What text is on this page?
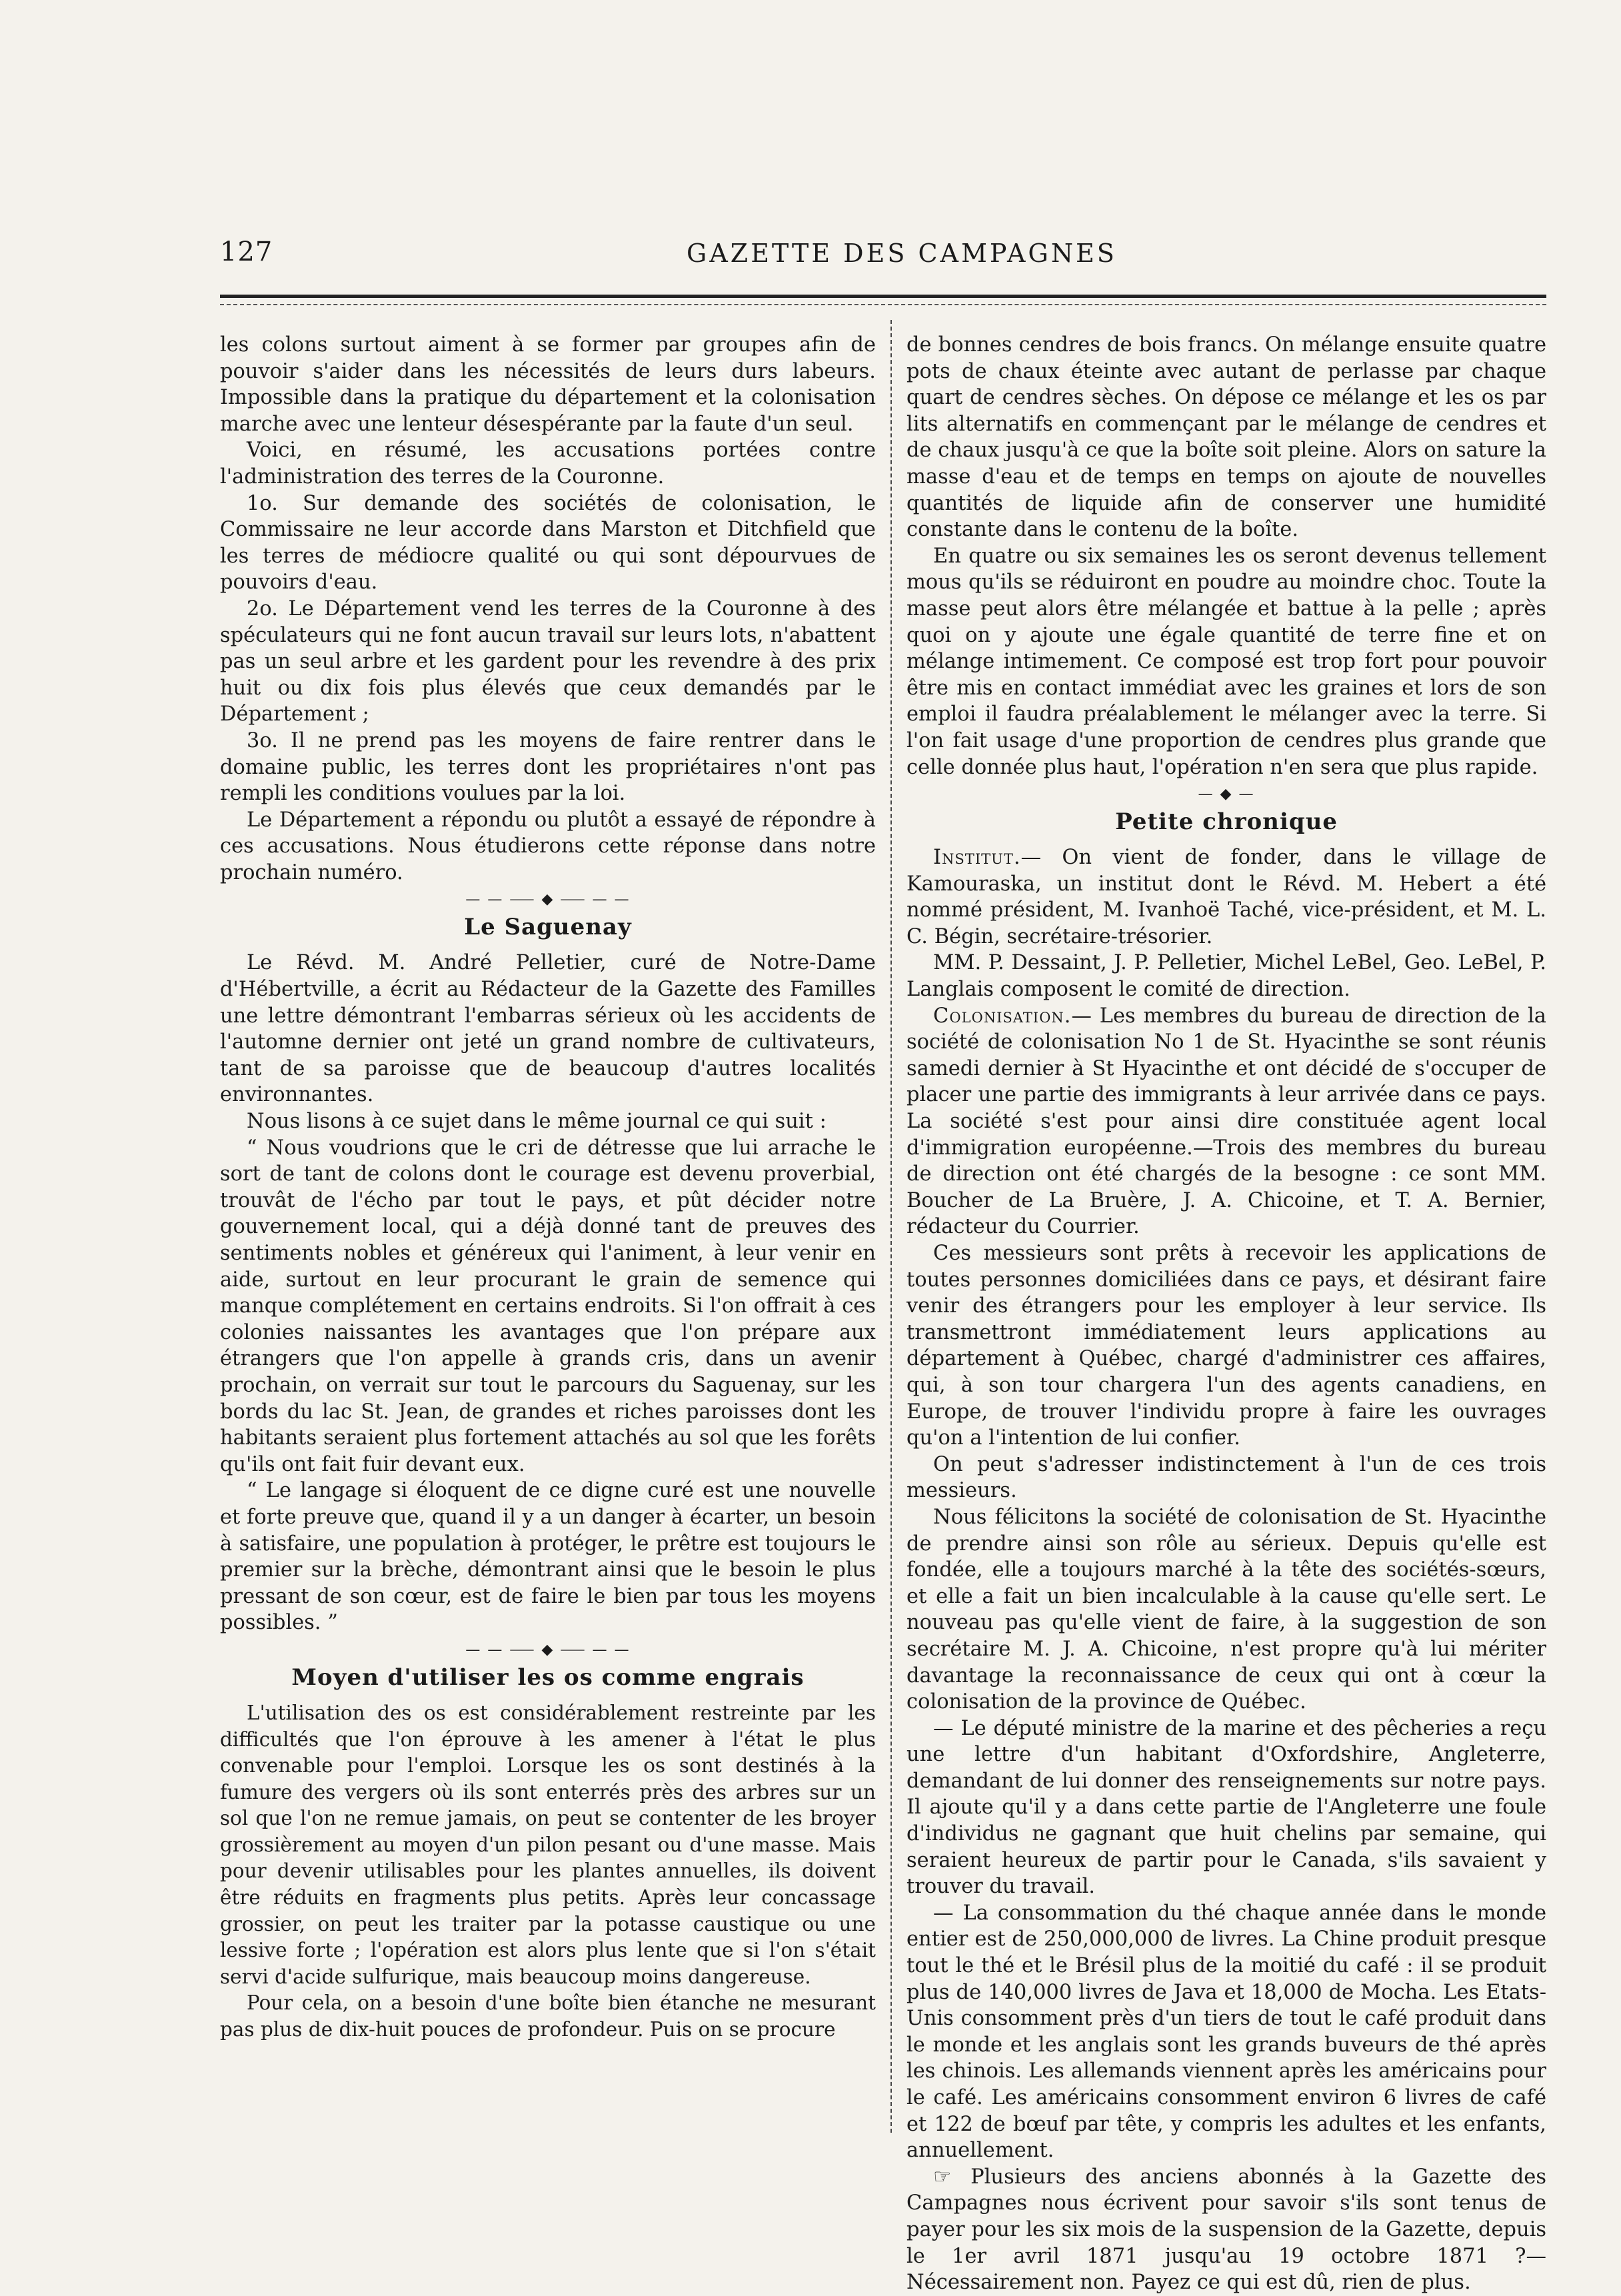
127	GAZETTE DES CAMPAGNES

les colons surtout aiment à se former par groupes afin de pouvoir s'aider dans les nécessités de leurs durs labeurs. Impossible dans la pratique du département et la colonisation marche avec une lenteur désespérante par la faute d'un seul.

Voici, en résumé, les accusations portées contre l'administration des terres de la Couronne.

1o. Sur demande des sociétés de colonisation, le Commissaire ne leur accorde dans Marston et Ditchfield que les terres de médiocre qualité ou qui sont dépourvues de pouvoirs d'eau.

2o. Le Département vend les terres de la Couronne à des spéculateurs qui ne font aucun travail sur leurs lots, n'abattent pas un seul arbre et les gardent pour les revendre à des prix huit ou dix fois plus élevés que ceux demandés par le Département ;

3o. Il ne prend pas les moyens de faire rentrer dans le domaine public, les terres dont les propriétaires n'ont pas rempli les conditions voulues par la loi.

Le Département a répondu ou plutôt a essayé de répondre à ces accusations. Nous étudierons cette réponse dans notre prochain numéro.

— — ⸺ ◆ ⸺ — —
Le Saguenay

Le Révd. M. André Pelletier, curé de Notre-Dame d'Hébertville, a écrit au Rédacteur de la Gazette des Familles une lettre démontrant l'embarras sérieux où les accidents de l'automne dernier ont jeté un grand nombre de cultivateurs, tant de sa paroisse que de beaucoup d'autres localités environnantes.

Nous lisons à ce sujet dans le même journal ce qui suit :

“ Nous voudrions que le cri de détresse que lui arrache le sort de tant de colons dont le courage est devenu proverbial, trouvât de l'écho par tout le pays, et pût décider notre gouvernement local, qui a déjà donné tant de preuves des sentiments nobles et généreux qui l'animent, à leur venir en aide, surtout en leur procurant le grain de semence qui manque complétement en certains endroits. Si l'on offrait à ces colonies naissantes les avantages que l'on prépare aux étrangers que l'on appelle à grands cris, dans un avenir prochain, on verrait sur tout le parcours du Saguenay, sur les bords du lac St. Jean, de grandes et riches paroisses dont les habitants seraient plus fortement attachés au sol que les forêts qu'ils ont fait fuir devant eux.

“ Le langage si éloquent de ce digne curé est une nouvelle et forte preuve que, quand il y a un danger à écarter, un besoin à satisfaire, une population à protéger, le prêtre est toujours le premier sur la brèche, démontrant ainsi que le besoin le plus pressant de son cœur, est de faire le bien par tous les moyens possibles. ”

— — ⸺ ◆ ⸺ — —
Moyen d'utiliser les os comme engrais

L'utilisation des os est considérablement restreinte par les difficultés que l'on éprouve à les amener à l'état le plus convenable pour l'emploi. Lorsque les os sont destinés à la fumure des vergers où ils sont enterrés près des arbres sur un sol que l'on ne remue jamais, on peut se contenter de les broyer grossièrement au moyen d'un pilon pesant ou d'une masse. Mais pour devenir utilisables pour les plantes annuelles, ils doivent être réduits en fragments plus petits. Après leur concassage grossier, on peut les traiter par la potasse caustique ou une lessive forte ; l'opération est alors plus lente que si l'on s'était servi d'acide sulfurique, mais beaucoup moins dangereuse.

Pour cela, on a besoin d'une boîte bien étanche ne mesurant pas plus de dix-huit pouces de profondeur. Puis on se procure

de bonnes cendres de bois francs. On mélange ensuite quatre pots de chaux éteinte avec autant de perlasse par chaque quart de cendres sèches. On dépose ce mélange et les os par lits alternatifs en commençant par le mélange de cendres et de chaux jusqu'à ce que la boîte soit pleine. Alors on sature la masse d'eau et de temps en temps on ajoute de nouvelles quantités de liquide afin de conserver une humidité constante dans le contenu de la boîte.

En quatre ou six semaines les os seront devenus tellement mous qu'ils se réduiront en poudre au moindre choc. Toute la masse peut alors être mélangée et battue à la pelle ; après quoi on y ajoute une égale quantité de terre fine et on mélange intimement. Ce composé est trop fort pour pouvoir être mis en contact immédiat avec les graines et lors de son emploi il faudra préalablement le mélanger avec la terre. Si l'on fait usage d'une proportion de cendres plus grande que celle donnée plus haut, l'opération n'en sera que plus rapide.

— ◆ —
Petite chronique

Institut.— On vient de fonder, dans le village de Kamouraska, un institut dont le Révd. M. Hebert a été nommé président, M. Ivanhoë Taché, vice-président, et M. L. C. Bégin, secrétaire-trésorier.

MM. P. Dessaint, J. P. Pelletier, Michel LeBel, Geo. LeBel, P. Langlais composent le comité de direction.

Colonisation.— Les membres du bureau de direction de la société de colonisation No 1 de St. Hyacinthe se sont réunis samedi dernier à St Hyacinthe et ont décidé de s'occuper de placer une partie des immigrants à leur arrivée dans ce pays. La société s'est pour ainsi dire constituée agent local d'immigration européenne.—Trois des membres du bureau de direction ont été chargés de la besogne : ce sont MM. Boucher de La Bruère, J. A. Chicoine, et T. A. Bernier, rédacteur du Courrier.

Ces messieurs sont prêts à recevoir les applications de toutes personnes domiciliées dans ce pays, et désirant faire venir des étrangers pour les employer à leur service. Ils transmettront immédiatement leurs applications au département à Québec, chargé d'administrer ces affaires, qui, à son tour chargera l'un des agents canadiens, en Europe, de trouver l'individu propre à faire les ouvrages qu'on a l'intention de lui confier.

On peut s'adresser indistinctement à l'un de ces trois messieurs.

Nous félicitons la société de colonisation de St. Hyacinthe de prendre ainsi son rôle au sérieux. Depuis qu'elle est fondée, elle a toujours marché à la tête des sociétés-sœurs, et elle a fait un bien incalculable à la cause qu'elle sert. Le nouveau pas qu'elle vient de faire, à la suggestion de son secrétaire M. J. A. Chicoine, n'est propre qu'à lui mériter davantage la reconnaissance de ceux qui ont à cœur la colonisation de la province de Québec.

— Le député ministre de la marine et des pêcheries a reçu une lettre d'un habitant d'Oxfordshire, Angleterre, demandant de lui donner des renseignements sur notre pays. Il ajoute qu'il y a dans cette partie de l'Angleterre une foule d'individus ne gagnant que huit chelins par semaine, qui seraient heureux de partir pour le Canada, s'ils savaient y trouver du travail.

— La consommation du thé chaque année dans le monde entier est de 250,000,000 de livres. La Chine produit presque tout le thé et le Brésil plus de la moitié du café : il se produit plus de 140,000 livres de Java et 18,000 de Mocha. Les Etats-Unis consomment près d'un tiers de tout le café produit dans le monde et les anglais sont les grands buveurs de thé après les chinois. Les allemands viennent après les américains pour le café. Les américains consomment environ 6 livres de café et 122 de bœuf par tête, y compris les adultes et les enfants, annuellement.

☞ Plusieurs des anciens abonnés à la Gazette des Campagnes nous écrivent pour savoir s'ils sont tenus de payer pour les six mois de la suspension de la Gazette, depuis le 1er avril 1871 jusqu'au 19 octobre 1871 ?—Nécessairement non. Payez ce qui est dû, rien de plus.
